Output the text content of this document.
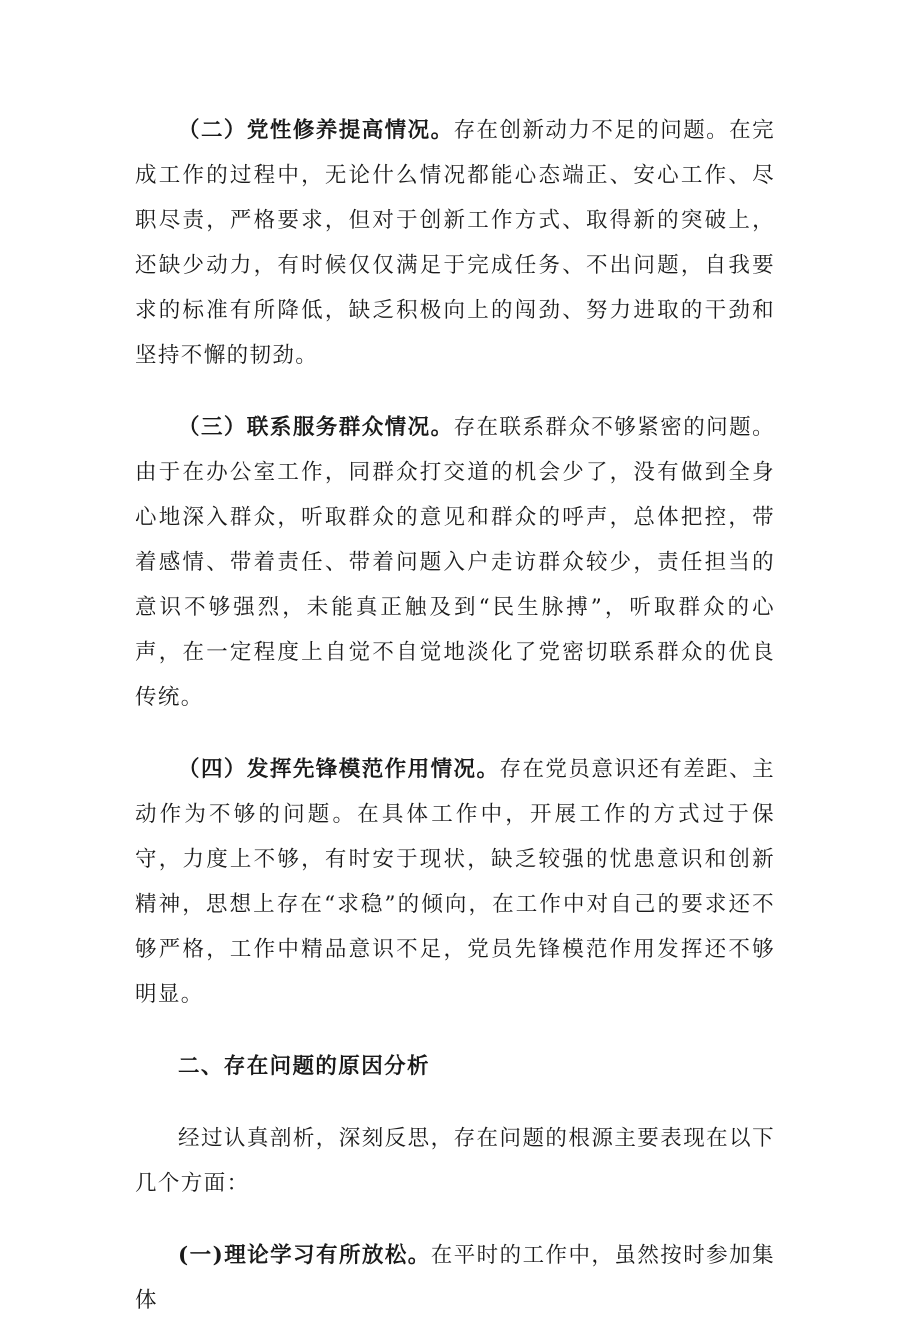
（二）党性修养提高情况。存在创新动力不足的问题。在完成工作的过程中，无论什么情况都能心态端正、安心工作、尽职尽责，严格要求，但对于创新工作方式、取得新的突破上，还缺少动力，有时候仅仅满足于完成任务、不出问题，自我要求的标准有所降低，缺乏积极向上的闯劲、努力进取的干劲和坚持不懈的韧劲。

（三）联系服务群众情况。存在联系群众不够紧密的问题。由于在办公室工作，同群众打交道的机会少了，没有做到全身心地深入群众，听取群众的意见和群众的呼声，总体把控，带着感情、带着责任、带着问题入户走访群众较少，责任担当的意识不够强烈，未能真正触及到“民生脉搏”，听取群众的心声，在一定程度上自觉不自觉地淡化了党密切联系群众的优良传统。

（四）发挥先锋模范作用情况。存在党员意识还有差距、主动作为不够的问题。在具体工作中，开展工作的方式过于保守，力度上不够，有时安于现状，缺乏较强的忧患意识和创新精神，思想上存在“求稳”的倾向，在工作中对自己的要求还不够严格，工作中精品意识不足，党员先锋模范作用发挥还不够明显。

二、存在问题的原因分析

经过认真剖析，深刻反思，存在问题的根源主要表现在以下几个方面：

(一)理论学习有所放松。在平时的工作中，虽然按时参加集体
